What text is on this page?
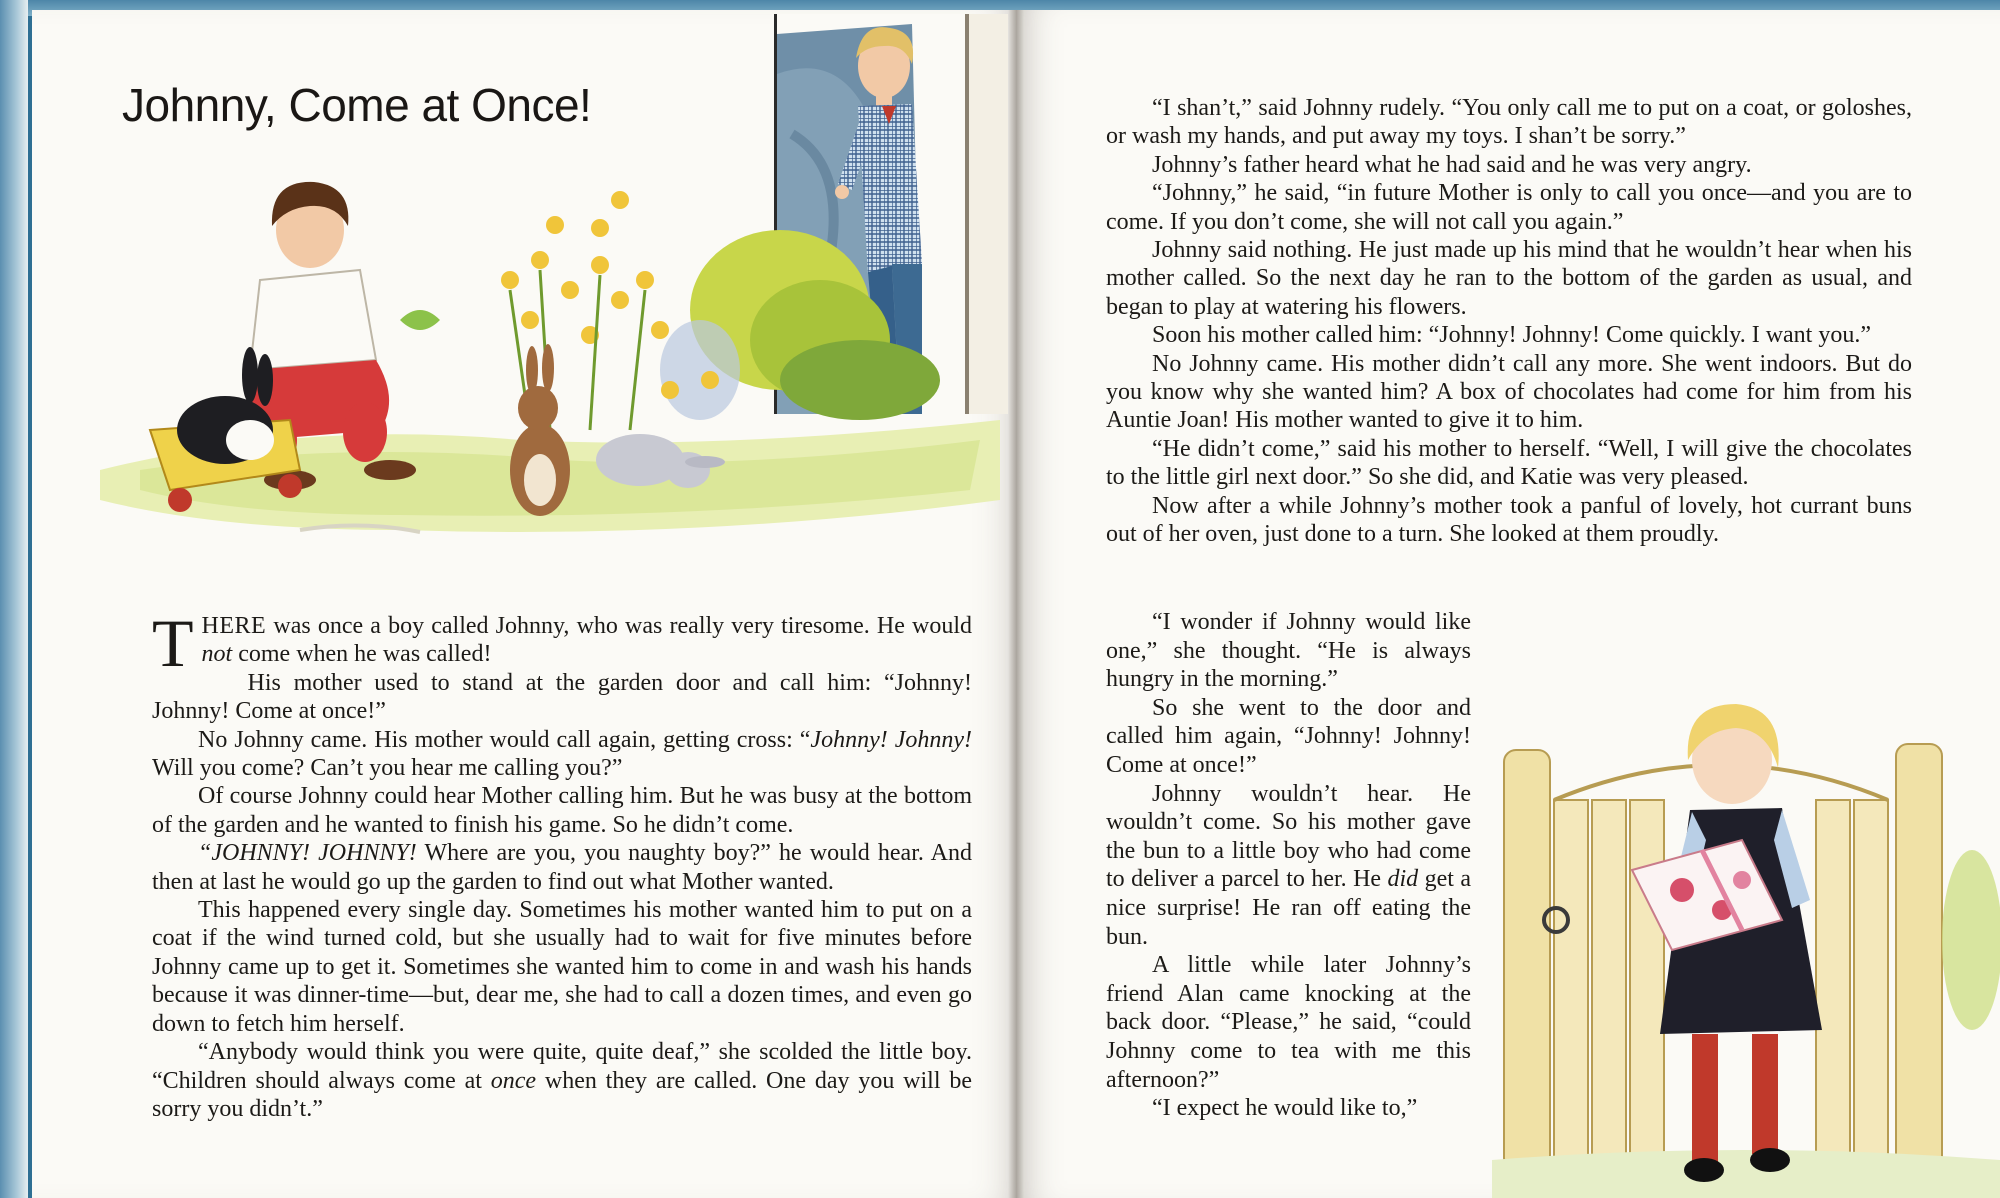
Johnny, Come at Once!

THERE was once a boy called Johnny, who was really very tiresome. He would not come when he was called!

His mother used to stand at the garden door and call him: “Johnny! Johnny! Come at once!”

No Johnny came. His mother would call again, getting cross: “Johnny! Johnny! Will you come? Can’t you hear me calling you?”

Of course Johnny could hear Mother calling him. But he was busy at the bottom of the garden and he wanted to finish his game. So he didn’t come.

“JOHNNY! JOHNNY! Where are you, you naughty boy?” he would hear. And then at last he would go up the garden to find out what Mother wanted.

This happened every single day. Sometimes his mother wanted him to put on a coat if the wind turned cold, but she usually had to wait for five minutes before Johnny came up to get it. Sometimes she wanted him to come in and wash his hands because it was dinner-time—but, dear me, she had to call a dozen times, and even go down to fetch him herself.

“Anybody would think you were quite, quite deaf,” she scolded the little boy. “Children should always come at once when they are called. One day you will be sorry you didn’t.”

“I shan’t,” said Johnny rudely. “You only call me to put on a coat, or goloshes, or wash my hands, and put away my toys. I shan’t be sorry.”

Johnny’s father heard what he had said and he was very angry.

“Johnny,” he said, “in future Mother is only to call you once—and you are to come. If you don’t come, she will not call you again.”

Johnny said nothing. He just made up his mind that he wouldn’t hear when his mother called. So the next day he ran to the bottom of the garden as usual, and began to play at watering his flowers.

Soon his mother called him: “Johnny! Johnny! Come quickly. I want you.”

No Johnny came. His mother didn’t call any more. She went indoors. But do you know why she wanted him? A box of chocolates had come for him from his Auntie Joan! His mother wanted to give it to him.

“He didn’t come,” said his mother to herself. “Well, I will give the chocolates to the little girl next door.” So she did, and Katie was very pleased.

Now after a while Johnny’s mother took a panful of lovely, hot currant buns out of her oven, just done to a turn. She looked at them proudly.

“I wonder if Johnny would like one,” she thought. “He is always hungry in the morning.”

So she went to the door and called him again, “Johnny! Johnny! Come at once!”

Johnny wouldn’t hear. He wouldn’t come. So his mother gave the bun to a little boy who had come to deliver a parcel to her. He did get a nice surprise! He ran off eating the bun.

A little while later Johnny’s friend Alan came knocking at the back door. “Please,” he said, “could Johnny come to tea with me this afternoon?”

“I expect he would like to,”
